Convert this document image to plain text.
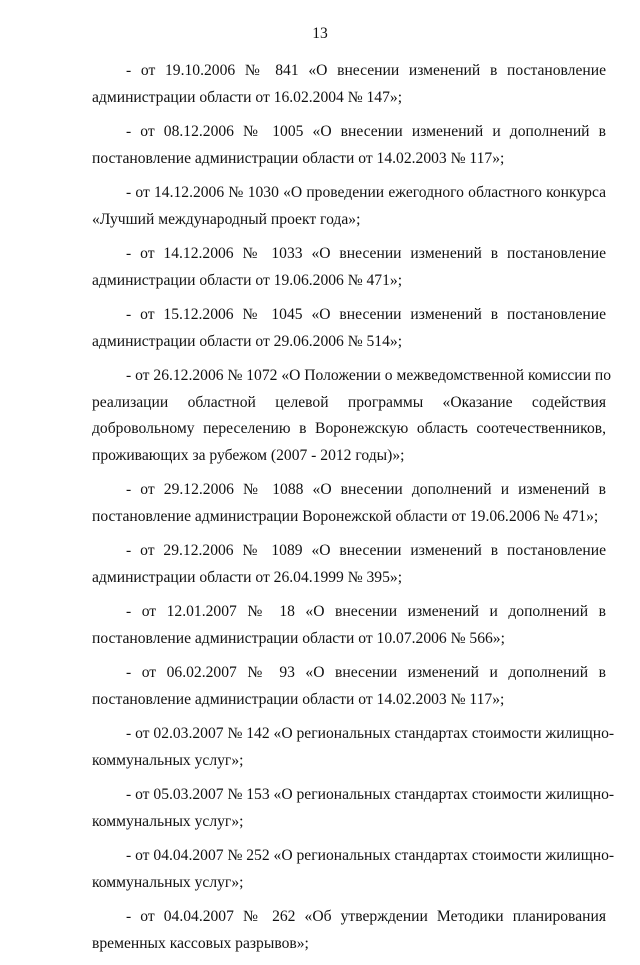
13
- от 19.10.2006 № 841 «О внесении изменений в постановление
администрации области от 16.02.2004 № 147»;
- от 08.12.2006 № 1005 «О внесении изменений и дополнений в
постановление администрации области от 14.02.2003 № 117»;
- от 14.12.2006 № 1030 «О проведении ежегодного областного конкурса
«Лучший международный проект года»;
- от 14.12.2006 № 1033 «О внесении изменений в постановление
администрации области от 19.06.2006 № 471»;
- от 15.12.2006 № 1045 «О внесении изменений в постановление
администрации области от 29.06.2006 № 514»;
- от 26.12.2006 № 1072 «О Положении о межведомственной комиссии по
реализации областной целевой программы «Оказание содействия
добровольному переселению в Воронежскую область соотечественников,
проживающих за рубежом (2007 - 2012 годы)»;
- от 29.12.2006 № 1088 «О внесении дополнений и изменений в
постановление администрации Воронежской области от 19.06.2006 № 471»;
- от 29.12.2006 № 1089 «О внесении изменений в постановление
администрации области от 26.04.1999 № 395»;
- от 12.01.2007 № 18 «О внесении изменений и дополнений в
постановление администрации области от 10.07.2006 № 566»;
- от 06.02.2007 № 93 «О внесении изменений и дополнений в
постановление администрации области от 14.02.2003 № 117»;
- от 02.03.2007 № 142 «О региональных стандартах стоимости жилищно-
коммунальных услуг»;
- от 05.03.2007 № 153 «О региональных стандартах стоимости жилищно-
коммунальных услуг»;
- от 04.04.2007 № 252 «О региональных стандартах стоимости жилищно-
коммунальных услуг»;
- от 04.04.2007 № 262 «Об утверждении Методики планирования
временных кассовых разрывов»;
